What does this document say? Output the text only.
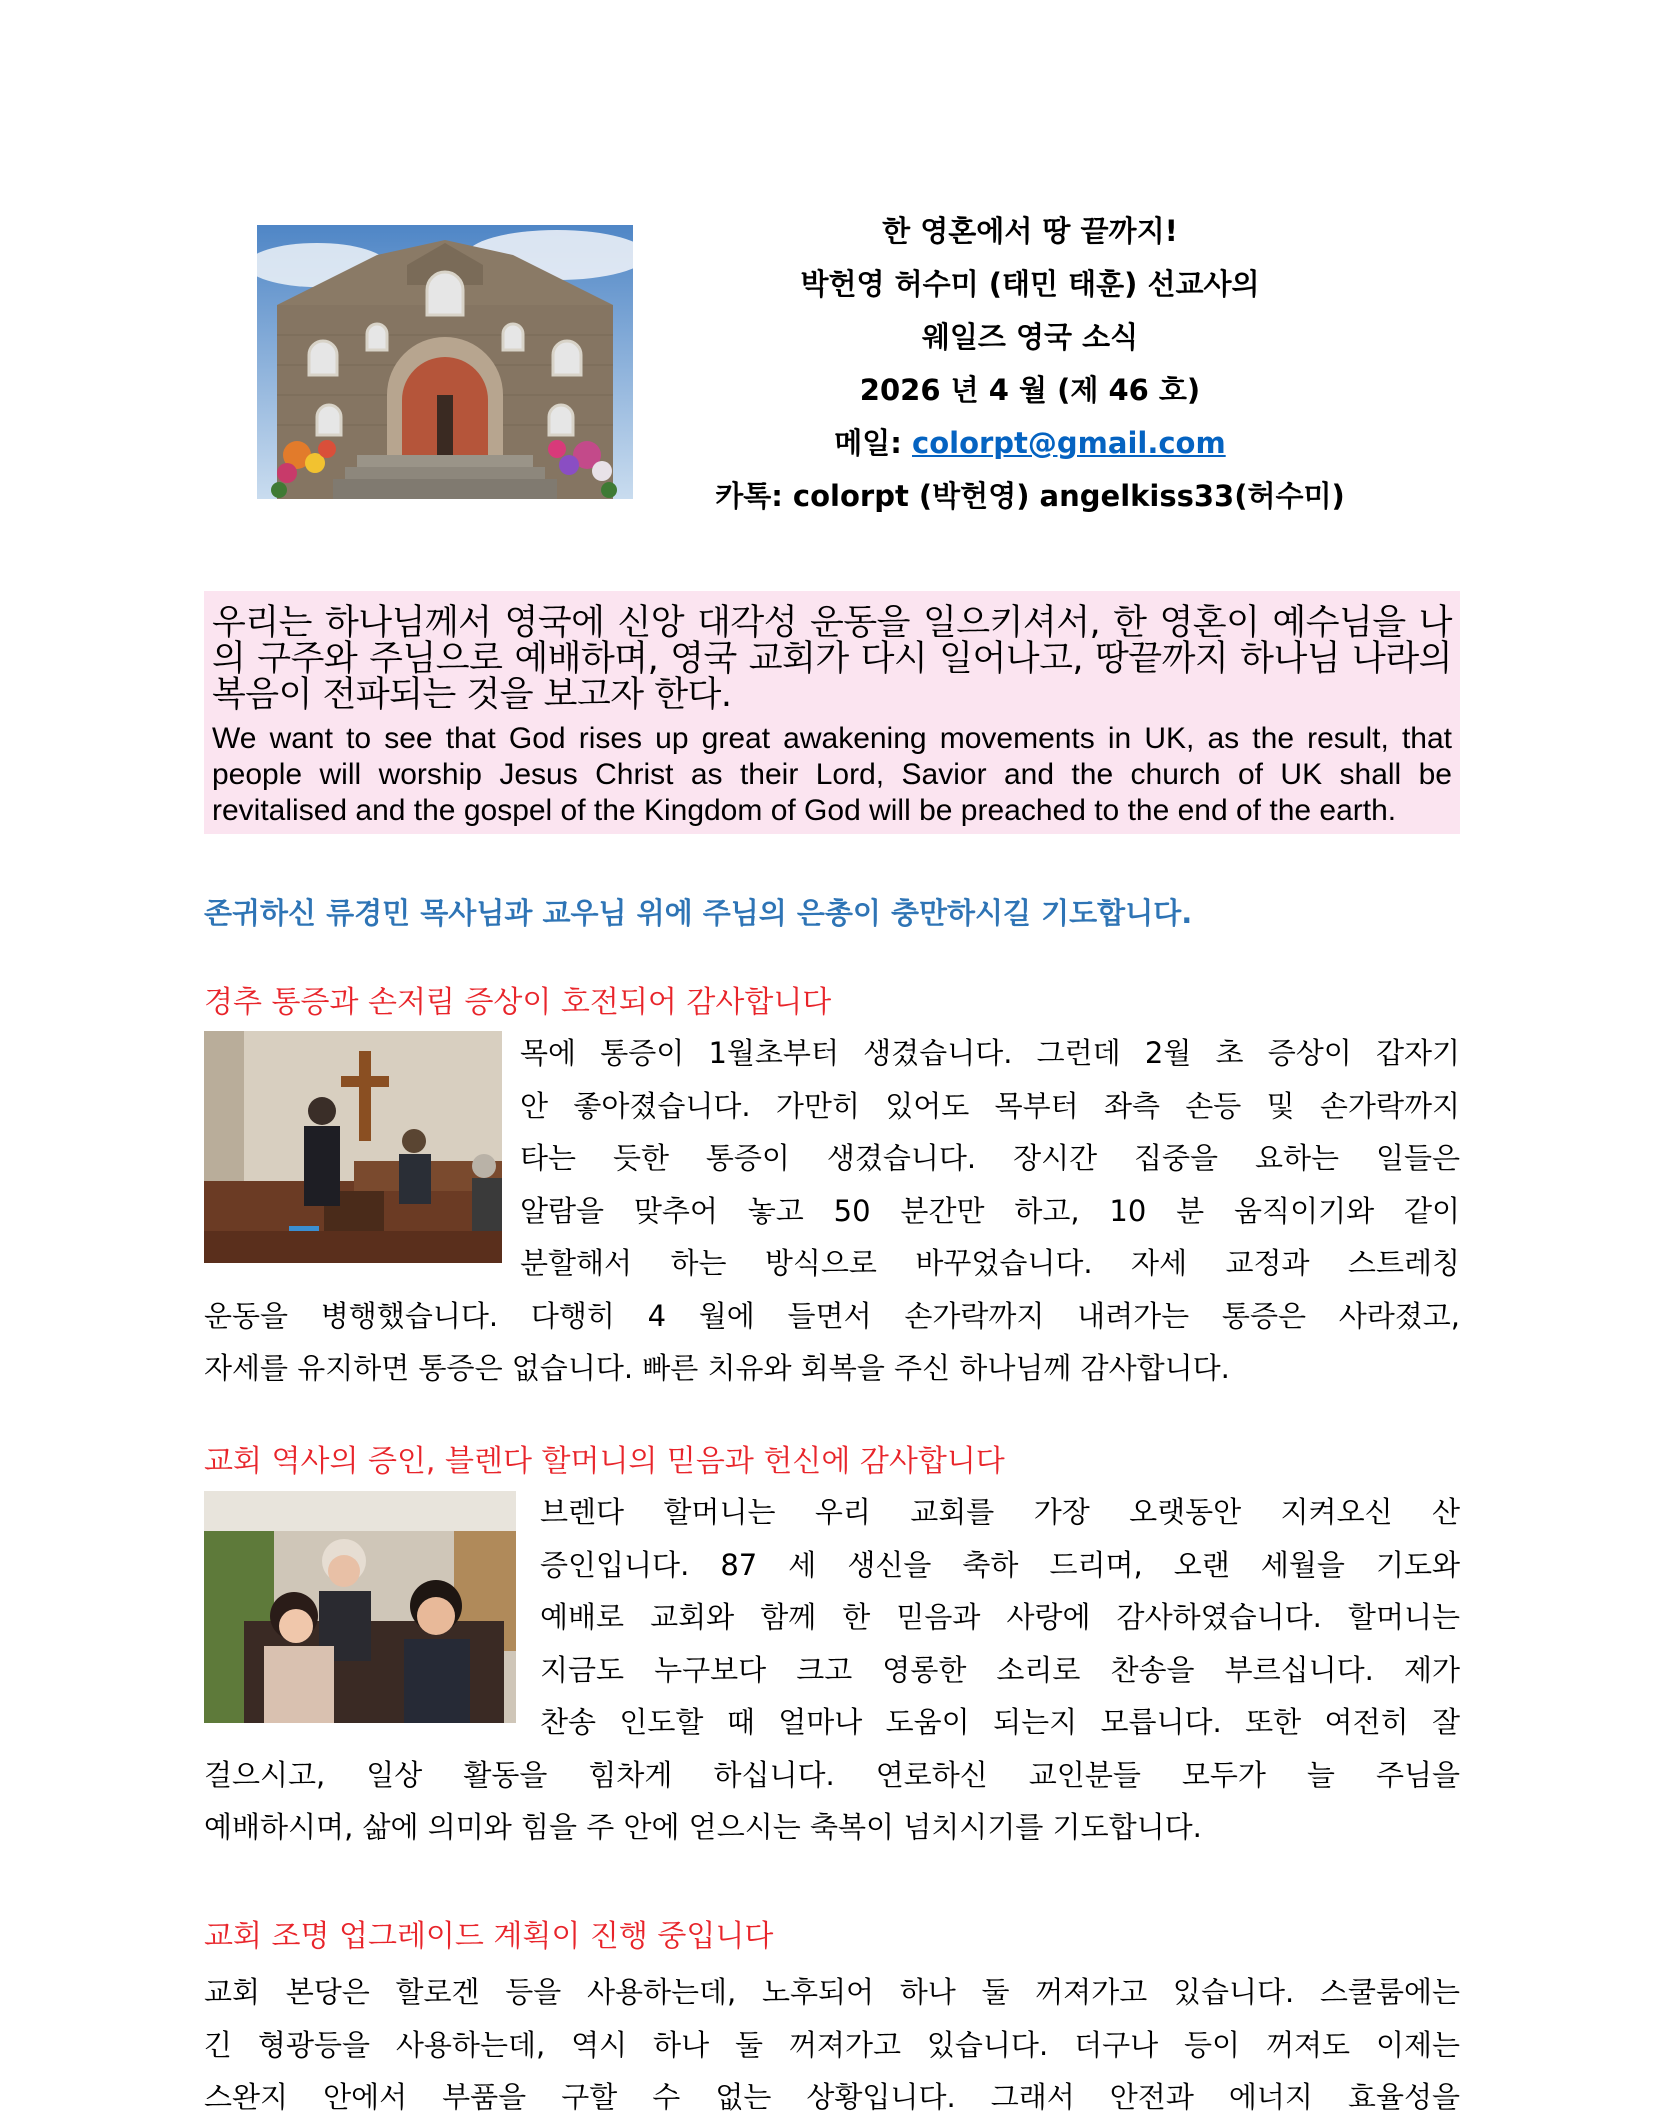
한 영혼에서 땅 끝까지!
박헌영 허수미 (태민 태훈) 선교사의
웨일즈 영국 소식
2026 년 4 월 (제 46 호)
메일: colorpt@gmail.com
카톡: colorpt (박헌영) angelkiss33(허수미)
우리는 하나님께서 영국에 신앙 대각성 운동을 일으키셔서, 한 영혼이 예수님을 나의 구주와 주님으로 예배하며, 영국 교회가 다시 일어나고, 땅끝까지 하나님 나라의 복음이 전파되는 것을 보고자 한다.
We want to see that God rises up great awakening movements in UK, as the result, that people will worship Jesus Christ as their Lord, Savior and the church of UK shall be revitalised and the gospel of the Kingdom of God will be preached to the end of the earth.
존귀하신 류경민 목사님과 교우님 위에 주님의 은총이 충만하시길 기도합니다.
경추 통증과 손저림 증상이 호전되어 감사합니다
목에 통증이 1월초부터 생겼습니다. 그런데 2월 초 증상이 갑자기
안 좋아졌습니다. 가만히 있어도 목부터 좌측 손등 및 손가락까지
타는 듯한 통증이 생겼습니다. 장시간 집중을 요하는 일들은
알람을 맞추어 놓고 50 분간만 하고, 10 분 움직이기와 같이
분할해서 하는 방식으로 바꾸었습니다. 자세 교정과 스트레칭
운동을 병행했습니다. 다행히 4 월에 들면서 손가락까지 내려가는 통증은 사라졌고,
자세를 유지하면 통증은 없습니다. 빠른 치유와 회복을 주신 하나님께 감사합니다.
교회 역사의 증인, 블렌다 할머니의 믿음과 헌신에 감사합니다
브렌다 할머니는 우리 교회를 가장 오랫동안 지켜오신 산
증인입니다. 87 세 생신을 축하 드리며, 오랜 세월을 기도와
예배로 교회와 함께 한 믿음과 사랑에 감사하였습니다. 할머니는
지금도 누구보다 크고 영롱한 소리로 찬송을 부르십니다. 제가
찬송 인도할 때 얼마나 도움이 되는지 모릅니다. 또한 여전히 잘
걸으시고, 일상 활동을 힘차게 하십니다. 연로하신 교인분들 모두가 늘 주님을
예배하시며, 삶에 의미와 힘을 주 안에 얻으시는 축복이 넘치시기를 기도합니다.
교회 조명 업그레이드 계획이 진행 중입니다
교회 본당은 할로겐 등을 사용하는데, 노후되어 하나 둘 꺼져가고 있습니다. 스쿨룸에는
긴 형광등을 사용하는데, 역시 하나 둘 꺼져가고 있습니다. 더구나 등이 꺼져도 이제는
스완지 안에서 부품을 구할 수 없는 상황입니다. 그래서 안전과 에너지 효율성을
